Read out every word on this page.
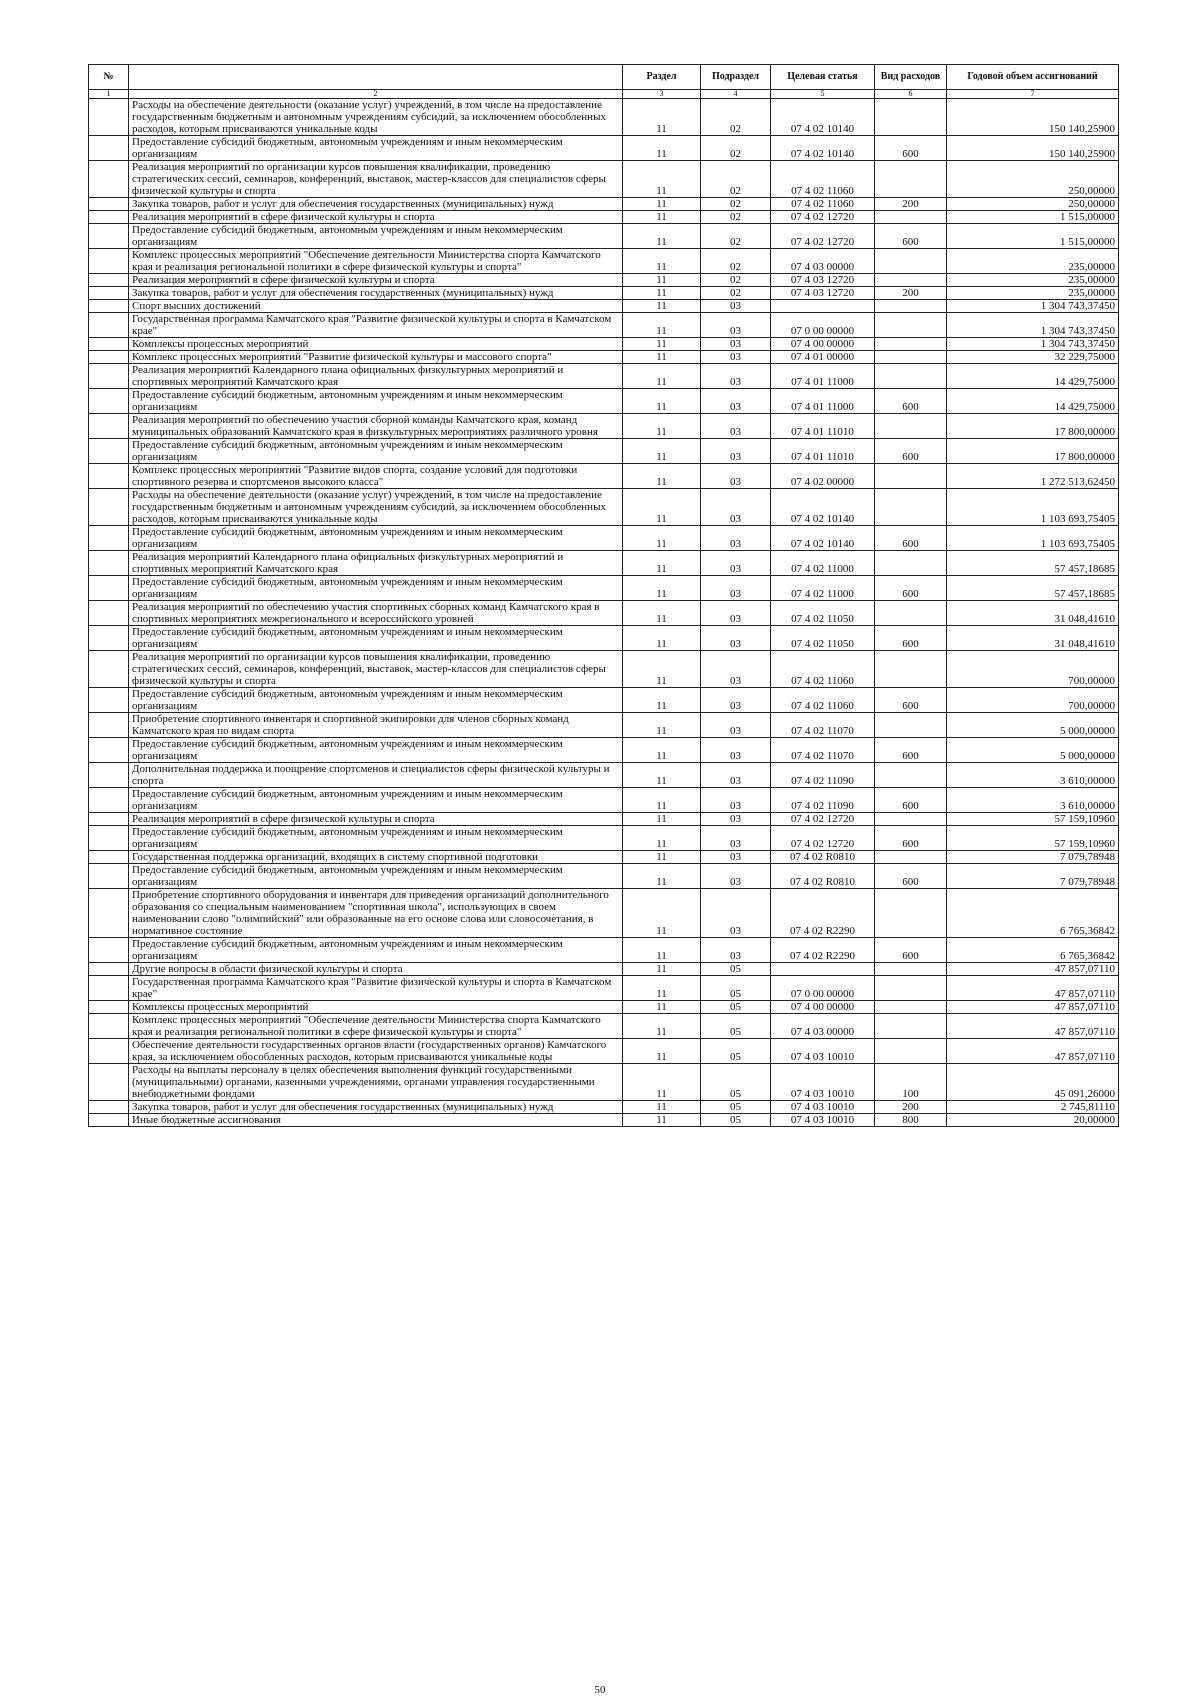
№		Раздел	Подраздел	Целевая статья	Вид расходов	Годовой объем ассигнований
1	2	3	4	5	6	7
	Расходы на обеспечение деятельности (оказание услуг) учреждений, в том числе на предоставление государственным бюджетным и автономным учреждениям субсидий, за исключением обособленных расходов, которым присваиваются уникальные коды	11	02	07 4 02 10140		150 140,25900
	Предоставление субсидий бюджетным, автономным учреждениям и иным некоммерческим организациям	11	02	07 4 02 10140	600	150 140,25900
	Реализация мероприятий по организации курсов повышения квалификации, проведению стратегических сессий, семинаров, конференций, выставок, мастер-классов для специалистов сферы физической культуры и спорта	11	02	07 4 02 11060		250,00000
	Закупка товаров, работ и услуг для обеспечения государственных (муниципальных) нужд	11	02	07 4 02 11060	200	250,00000
	Реализация мероприятий в сфере физической культуры и спорта	11	02	07 4 02 12720		1 515,00000
	Предоставление субсидий бюджетным, автономным учреждениям и иным некоммерческим организациям	11	02	07 4 02 12720	600	1 515,00000
	Комплекс процессных мероприятий "Обеспечение деятельности Министерства спорта Камчатского края и реализация региональной политики в сфере физической культуры и спорта"	11	02	07 4 03 00000		235,00000
	Реализация мероприятий в сфере физической культуры и спорта	11	02	07 4 03 12720		235,00000
	Закупка товаров, работ и услуг для обеспечения государственных (муниципальных) нужд	11	02	07 4 03 12720	200	235,00000
	Спорт высших достижений	11	03			1 304 743,37450
	Государственная программа Камчатского края "Развитие физической культуры и спорта в Камчатском крае"	11	03	07 0 00 00000		1 304 743,37450
	Комплексы процессных мероприятий	11	03	07 4 00 00000		1 304 743,37450
	Комплекс процессных мероприятий "Развитие физической культуры и массового спорта"	11	03	07 4 01 00000		32 229,75000
	Реализация мероприятий Календарного плана официальных физкультурных мероприятий и спортивных мероприятий Камчатского края	11	03	07 4 01 11000		14 429,75000
	Предоставление субсидий бюджетным, автономным учреждениям и иным некоммерческим организациям	11	03	07 4 01 11000	600	14 429,75000
	Реализация мероприятий по обеспечению участия сборной команды Камчатского края, команд муниципальных образований Камчатского края в физкультурных мероприятиях различного уровня	11	03	07 4 01 11010		17 800,00000
	Предоставление субсидий бюджетным, автономным учреждениям и иным некоммерческим организациям	11	03	07 4 01 11010	600	17 800,00000
	Комплекс процессных мероприятий "Развитие видов спорта, создание условий для подготовки спортивного резерва и спортсменов высокого класса"	11	03	07 4 02 00000		1 272 513,62450
	Расходы на обеспечение деятельности (оказание услуг) учреждений, в том числе на предоставление государственным бюджетным и автономным учреждениям субсидий, за исключением обособленных расходов, которым присваиваются уникальные коды	11	03	07 4 02 10140		1 103 693,75405
	Предоставление субсидий бюджетным, автономным учреждениям и иным некоммерческим организациям	11	03	07 4 02 10140	600	1 103 693,75405
	Реализация мероприятий Календарного плана официальных физкультурных мероприятий и спортивных мероприятий Камчатского края	11	03	07 4 02 11000		57 457,18685
	Предоставление субсидий бюджетным, автономным учреждениям и иным некоммерческим организациям	11	03	07 4 02 11000	600	57 457,18685
	Реализация мероприятий по обеспечению участия спортивных сборных команд Камчатского края в спортивных мероприятиях межрегионального и всероссийского уровней	11	03	07 4 02 11050		31 048,41610
	Предоставление субсидий бюджетным, автономным учреждениям и иным некоммерческим организациям	11	03	07 4 02 11050	600	31 048,41610
	Реализация мероприятий по организации курсов повышения квалификации, проведению стратегических сессий, семинаров, конференций, выставок, мастер-классов для специалистов сферы физической культуры и спорта	11	03	07 4 02 11060		700,00000
	Предоставление субсидий бюджетным, автономным учреждениям и иным некоммерческим организациям	11	03	07 4 02 11060	600	700,00000
	Приобретение спортивного инвентаря и спортивной экипировки для членов сборных команд Камчатского края по видам спорта	11	03	07 4 02 11070		5 000,00000
	Предоставление субсидий бюджетным, автономным учреждениям и иным некоммерческим организациям	11	03	07 4 02 11070	600	5 000,00000
	Дополнительная поддержка и поощрение спортсменов и специалистов сферы физической культуры и спорта	11	03	07 4 02 11090		3 610,00000
	Предоставление субсидий бюджетным, автономным учреждениям и иным некоммерческим организациям	11	03	07 4 02 11090	600	3 610,00000
	Реализация мероприятий в сфере физической культуры и спорта	11	03	07 4 02 12720		57 159,10960
	Предоставление субсидий бюджетным, автономным учреждениям и иным некоммерческим организациям	11	03	07 4 02 12720	600	57 159,10960
	Государственная поддержка организаций, входящих в систему спортивной подготовки	11	03	07 4 02 R0810		7 079,78948
	Предоставление субсидий бюджетным, автономным учреждениям и иным некоммерческим организациям	11	03	07 4 02 R0810	600	7 079,78948
	Приобретение спортивного оборудования и инвентаря для приведения организаций дополнительного образования со специальным наименованием "спортивная школа", использующих в своем наименовании слово "олимпийский" или образованные на его основе слова или словосочетания, в нормативное состояние	11	03	07 4 02 R2290		6 765,36842
	Предоставление субсидий бюджетным, автономным учреждениям и иным некоммерческим организациям	11	03	07 4 02 R2290	600	6 765,36842
	Другие вопросы в области физической культуры и спорта	11	05			47 857,07110
	Государственная программа Камчатского края "Развитие физической культуры и спорта в Камчатском крае"	11	05	07 0 00 00000		47 857,07110
	Комплексы процессных мероприятий	11	05	07 4 00 00000		47 857,07110
	Комплекс процессных мероприятий "Обеспечение деятельности Министерства спорта Камчатского края и реализация региональной политики в сфере физической культуры и спорта"	11	05	07 4 03 00000		47 857,07110
	Обеспечение деятельности государственных органов власти (государственных органов) Камчатского края, за исключением обособленных расходов, которым присваиваются уникальные коды	11	05	07 4 03 10010		47 857,07110
	Расходы на выплаты персоналу в целях обеспечения выполнения функций государственными (муниципальными) органами, казенными учреждениями, органами управления государственными внебюджетными фондами	11	05	07 4 03 10010	100	45 091,26000
	Закупка товаров, работ и услуг для обеспечения государственных (муниципальных) нужд	11	05	07 4 03 10010	200	2 745,81110
	Иные бюджетные ассигнования	11	05	07 4 03 10010	800	20,00000
50
